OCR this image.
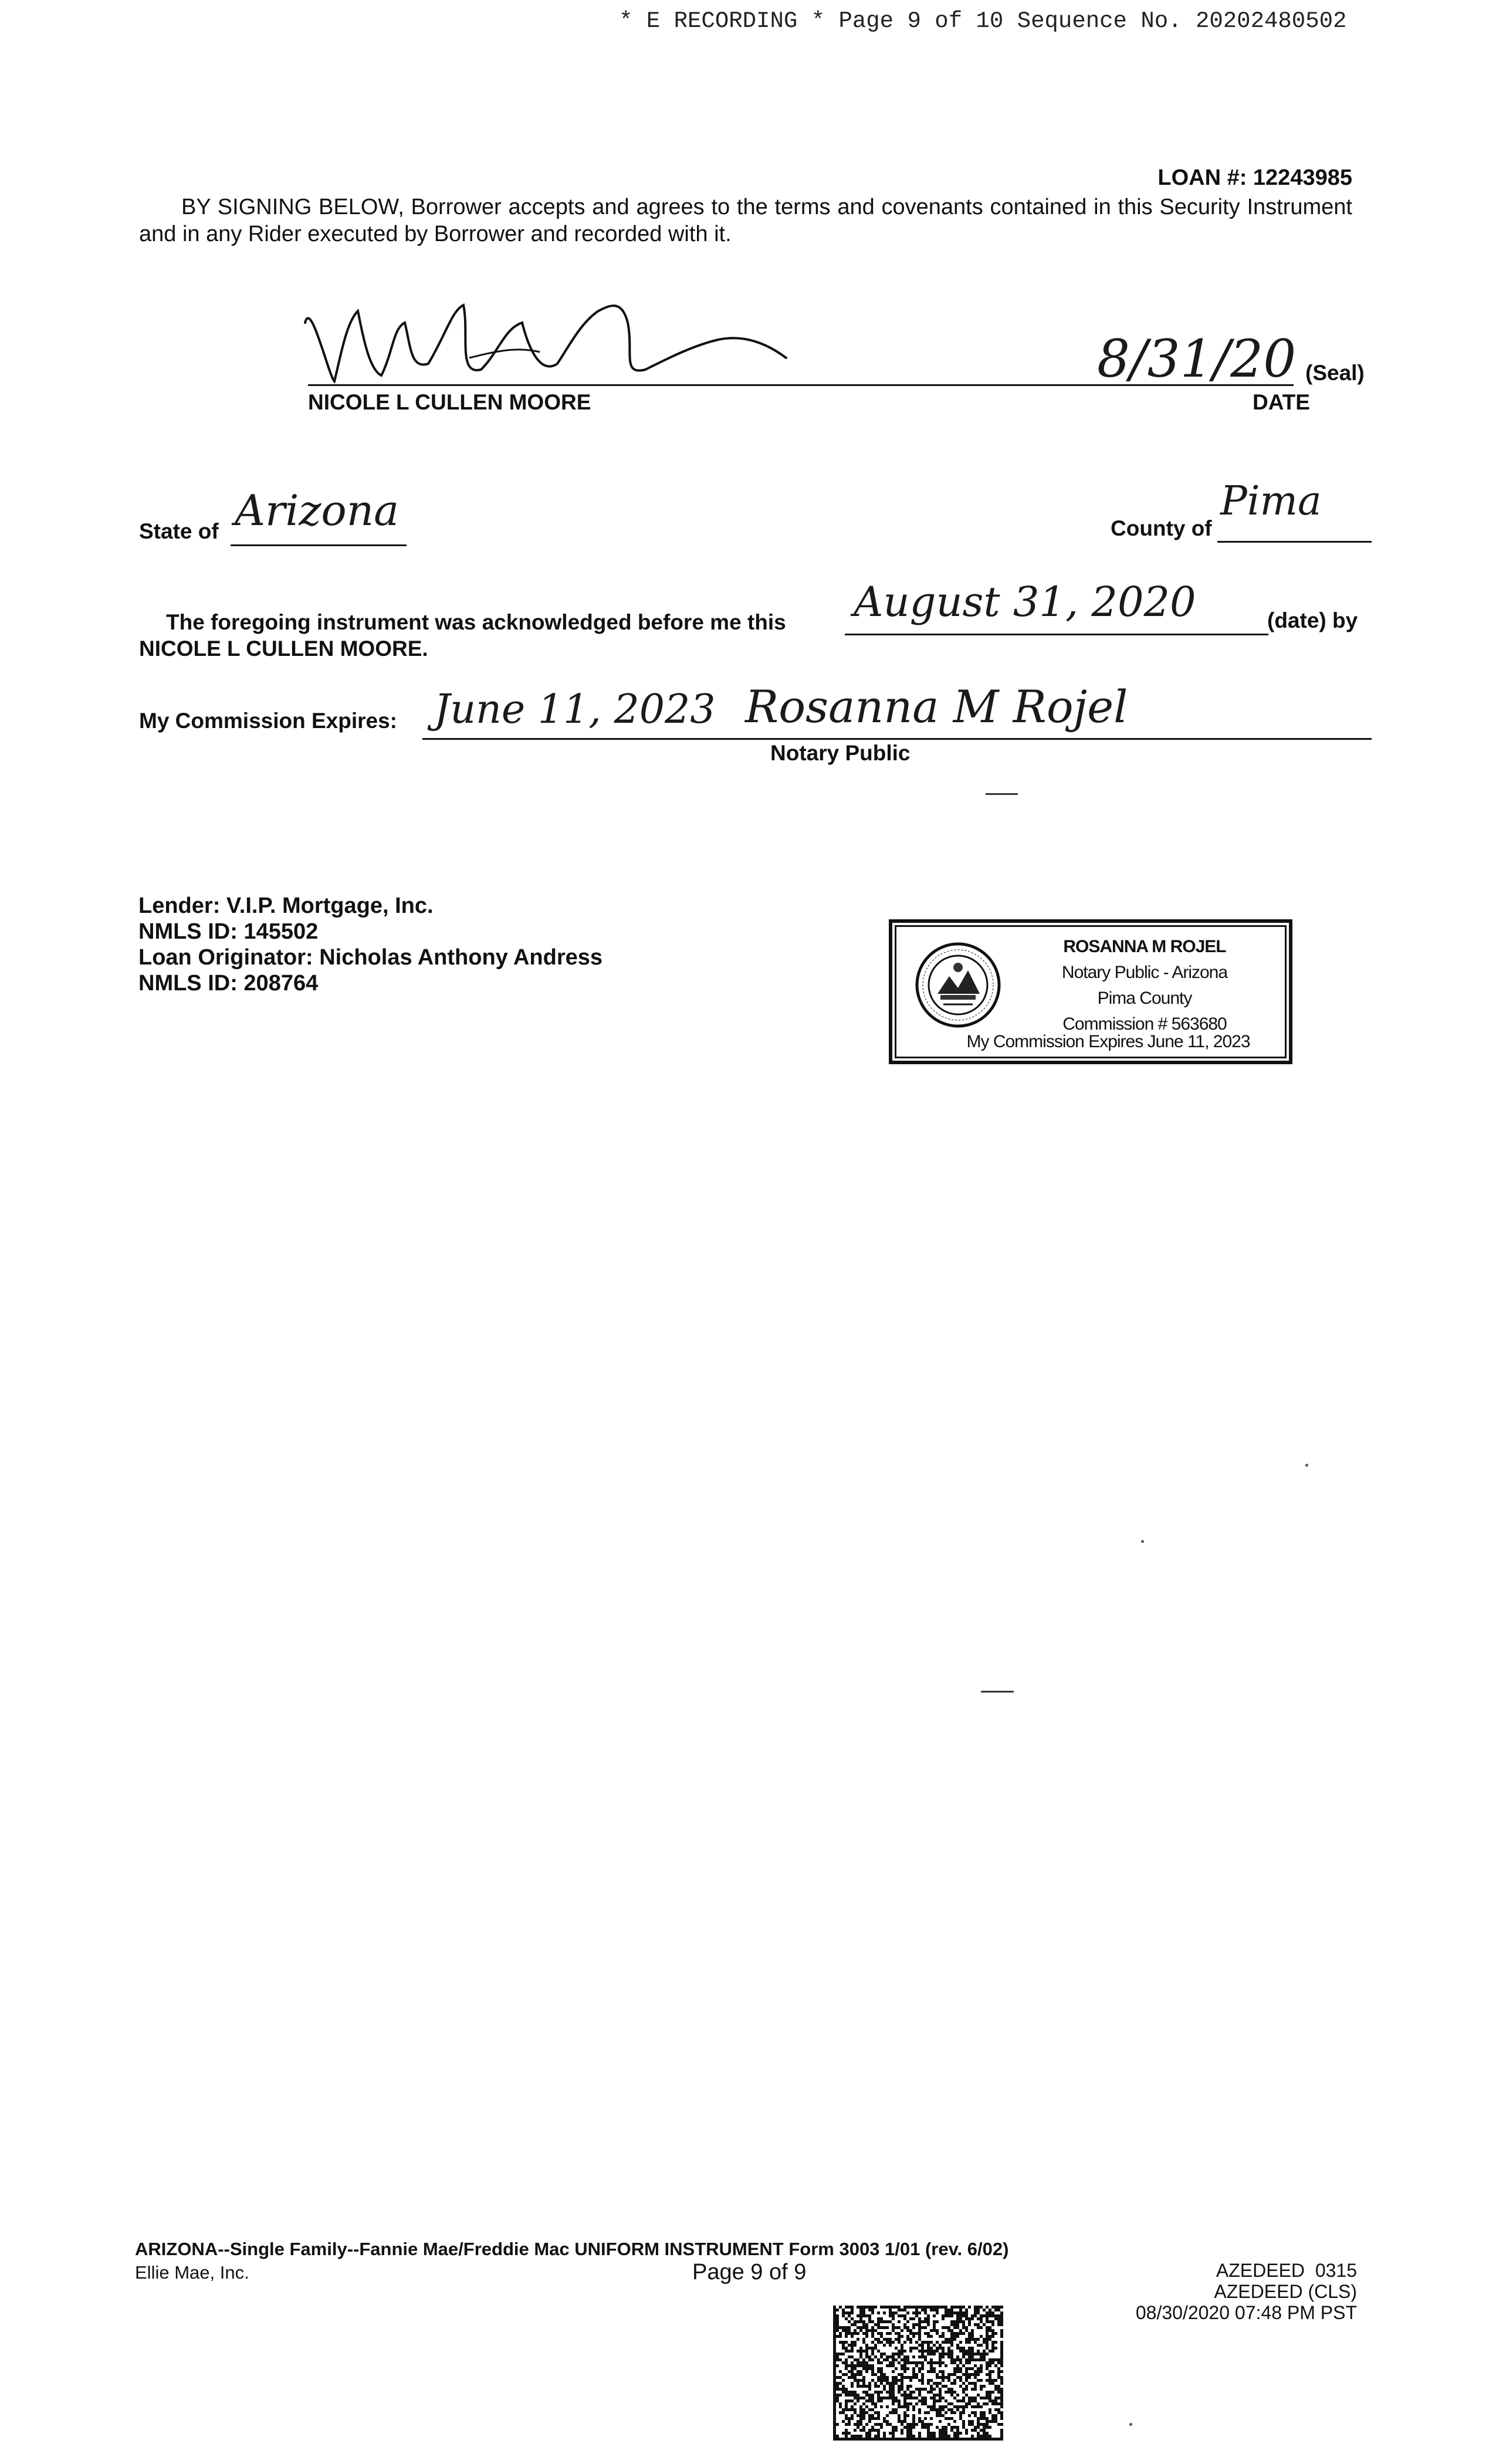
* E RECORDING * Page 9 of 10 Sequence No. 20202480502
LOAN #: 12243985
BY SIGNING BELOW, Borrower accepts and agrees to the terms and covenants contained in this Security Instrument and in any Rider executed by Borrower and recorded with it.
8/31/20 (Seal)
NICOLE L CULLEN MOORE	DATE
State of Arizona	County of
Pima
The foregoing instrument was acknowledged before me this August 31, 2020	(date) by
NICOLE L CULLEN MOORE.
My Commission Expires: June 11, 2023 Rosanna M Rojel
Notary Public
Lender: V.I.P. Mortgage, Inc.
NMLS ID: 145502
Loan Originator: Nicholas Anthony Andress
NMLS ID: 208764
ROSANNA M ROJEL
Notary Public - Arizona
Pima County
Commission # 563680
My Commission Expires June 11, 2023
ARIZONA--Single Family--Fannie Mae/Freddie Mac UNIFORM INSTRUMENT Form 3003 1/01 (rev. 6/02)
Ellie Mae, Inc.	Page 9 of 9	AZEDEED  0315
AZEDEED (CLS)
08/30/2020 07:48 PM PST
